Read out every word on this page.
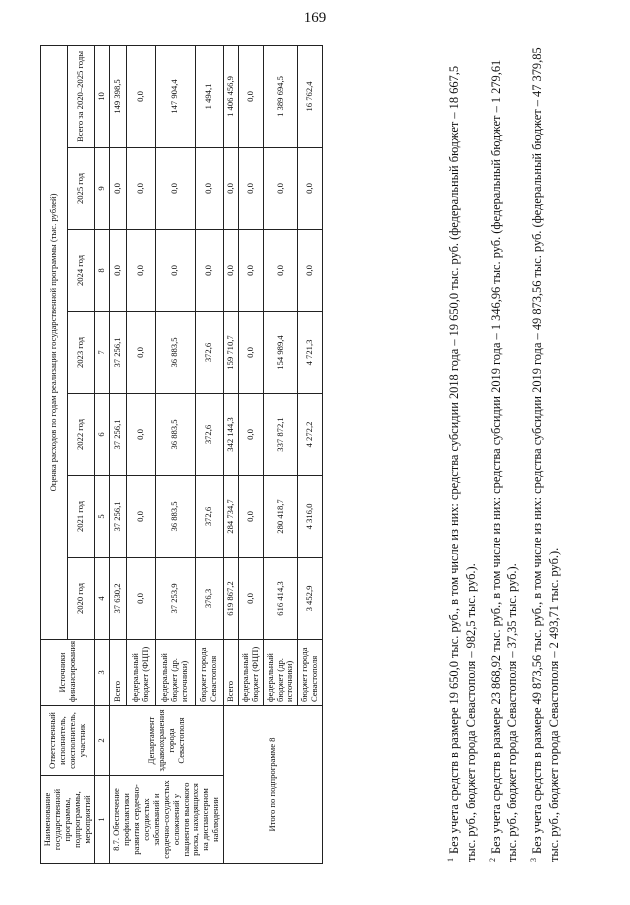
169
Наименование государственной программы, подпрограммы, мероприятий	Ответственный исполнитель, соисполнитель, участник	Источники финансирования	Оценка расходов по годам реализации государственной программы (тыс. рублей)						
			2020 год	2021 год	2022 год	2023 год	2024 год	2025 год	Всего за 2020–2025 годы
1	2	3	4	5	6	7	8	9	10
8.7. Обеспечение профилактики развития сердечно-сосудистых заболеваний и сердечно-сосудистых осложнений у пациентов высокого риска, находящихся на диспансерном наблюдении	Департамент здравоохранения города Севастополя	Всего	37 630,2	37 256,1	37 256,1	37 256,1	0,0	0,0	149 398,5
		федеральный бюджет (ФЦП)	0,0	0,0	0,0	0,0	0,0	0,0	0,0
		федеральный бюджет (др. источники)	37 253,9	36 883,5	36 883,5	36 883,5	0,0	0,0	147 904,4
		бюджет города Севастополя	376,3	372,6	372,6	372,6	0,0	0,0	1 494,1
Итого по подпрограмме 8		Всего	619 867,2	284 734,7	342 144,3	159 710,7	0,0	0,0	1 406 456,9
		федеральный бюджет (ФЦП)	0,0	0,0	0,0	0,0	0,0	0,0	0,0
		федеральный бюджет (др. источники)	616 414,3	280 418,7	337 872,1	154 989,4	0,0	0,0	1 389 694,5
		бюджет города Севастополя	3 452,9	4 316,0	4 272,2	4 721,3	0,0	0,0	16 762,4

$^1$Без учета средств в размере 19 650,0 тыс. руб., в том числе из них: средства субсидии 2018 года – 19 650,0 тыс. руб. (федеральный бюджет – 18 667,5 тыс. руб., бюджет города Севастополя – 982,5 тыс. руб.). $^2$Без учета средств в размере 23 868,92 тыс. руб., в том числе из них: средства субсидии 2019 года – 1 346,96 тыс. руб. (федеральный бюджет – 1 279,61 тыс. руб., бюджет города Севастополя – 37,35 тыс. руб.). $^3$Без учета средств в размере 49 873,56 тыс. руб., в том числе из них: средства субсидии 2019 года – 49 873,56 тыс. руб. (федеральный бюджет – 47 379,85 тыс. руб., бюджет города Севастополя – 2 493,71 тыс. руб.).
